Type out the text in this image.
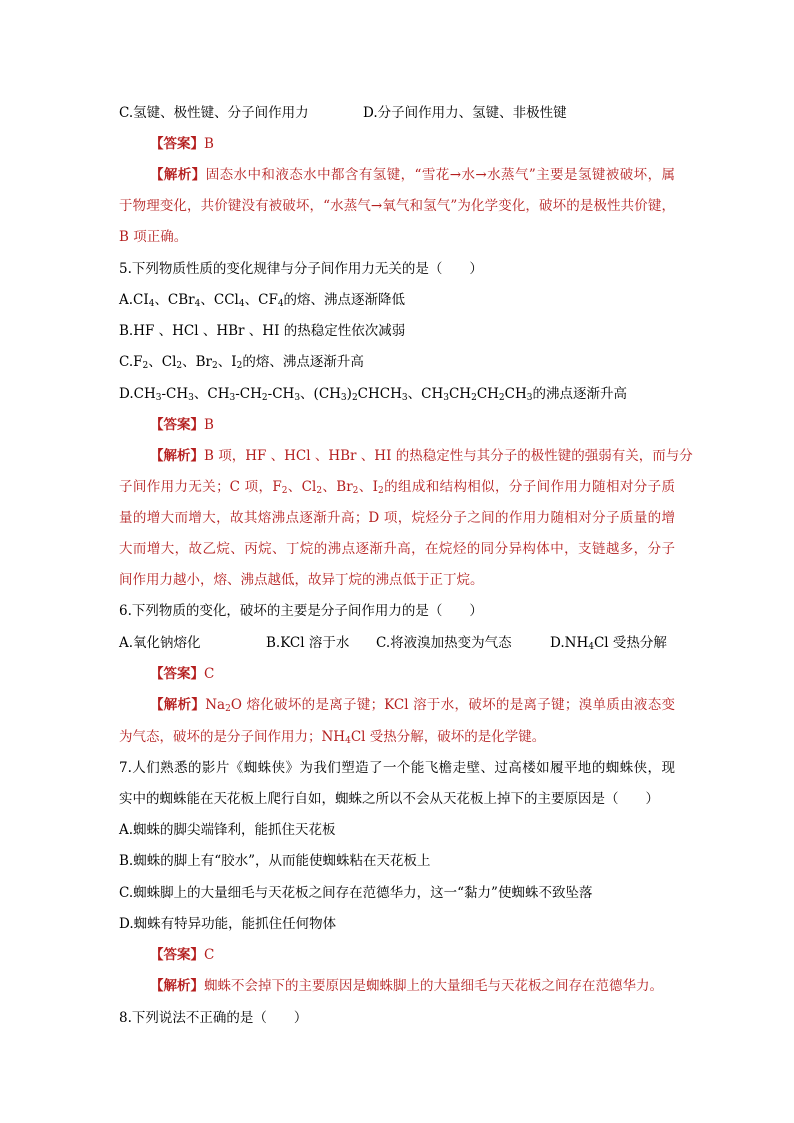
C.氢键、极性键、分子间作用力	D.分子间作用力、氢键、非极性键
【答案】B
【解析】固态水中和液态水中都含有氢键，“雪花→水→水蒸气”主要是氢键被破坏，属
于物理变化，共价键没有被破坏，“水蒸气→氧气和氢气”为化学变化，破坏的是极性共价键，
B 项正确。
5.下列物质性质的变化规律与分子间作用力无关的是（　　）
$A.CI_4$、CBr$_4$、CCl$_4$、$CF_4$的熔、沸点逐渐降低
B.HF 、HCl 、HBr 、HI 的热稳定性依次减弱
$C.F_2$、$Cl_2$、$Br_2$、$I_2$的熔、沸点逐渐升高
$D.CH_3-CH_3$、$CH_3-CH_2-CH_3$、$(CH_3)_2CHCH_3$、$CH_3CH_2CH_2CH_3$的沸点逐渐升高
【答案】B
【解析】B 项，HF 、HCl 、HBr 、HI 的热稳定性与其分子的极性键的强弱有关，而与分
子间作用力无关；C 项，$F_2$、$Cl_2$、$Br_2$、$I_2$的组成和结构相似，分子间作用力随相对分子质
量的增大而增大，故其熔沸点逐渐升高；D 项，烷烃分子之间的作用力随相对分子质量的增
大而增大，故乙烷、丙烷、丁烷的沸点逐渐升高，在烷烃的同分异构体中，支链越多，分子
间作用力越小，熔、沸点越低，故异丁烷的沸点低于正丁烷。
6.下列物质的变化，破坏的主要是分子间作用力的是（　　）
A.氧化钠熔化	B.KCl 溶于水 C.将液溴加热变为气态	$D.NH_4Cl$ 受热分解
【答案】C
【解析】$Na_2O$ 熔化破坏的是离子键；KCl 溶于水，破坏的是离子键；溴单质由液态变
为气态，破坏的是分子间作用力；$NH_4Cl$ 受热分解，破坏的是化学键。
7.人们熟悉的影片《蜘蛛侠》为我们塑造了一个能飞檐走壁、过高楼如履平地的蜘蛛侠，现
实中的蜘蛛能在天花板上爬行自如，蜘蛛之所以不会从天花板上掉下的主要原因是（　　）
A.蜘蛛的脚尖端锋利，能抓住天花板
B.蜘蛛的脚上有“胶水”，从而能使蜘蛛粘在天花板上
C.蜘蛛脚上的大量细毛与天花板之间存在范德华力，这一“黏力”使蜘蛛不致坠落
D.蜘蛛有特异功能，能抓住任何物体
【答案】C
【解析】蜘蛛不会掉下的主要原因是蜘蛛脚上的大量细毛与天花板之间存在范德华力。
8.下列说法不正确的是（　　）
